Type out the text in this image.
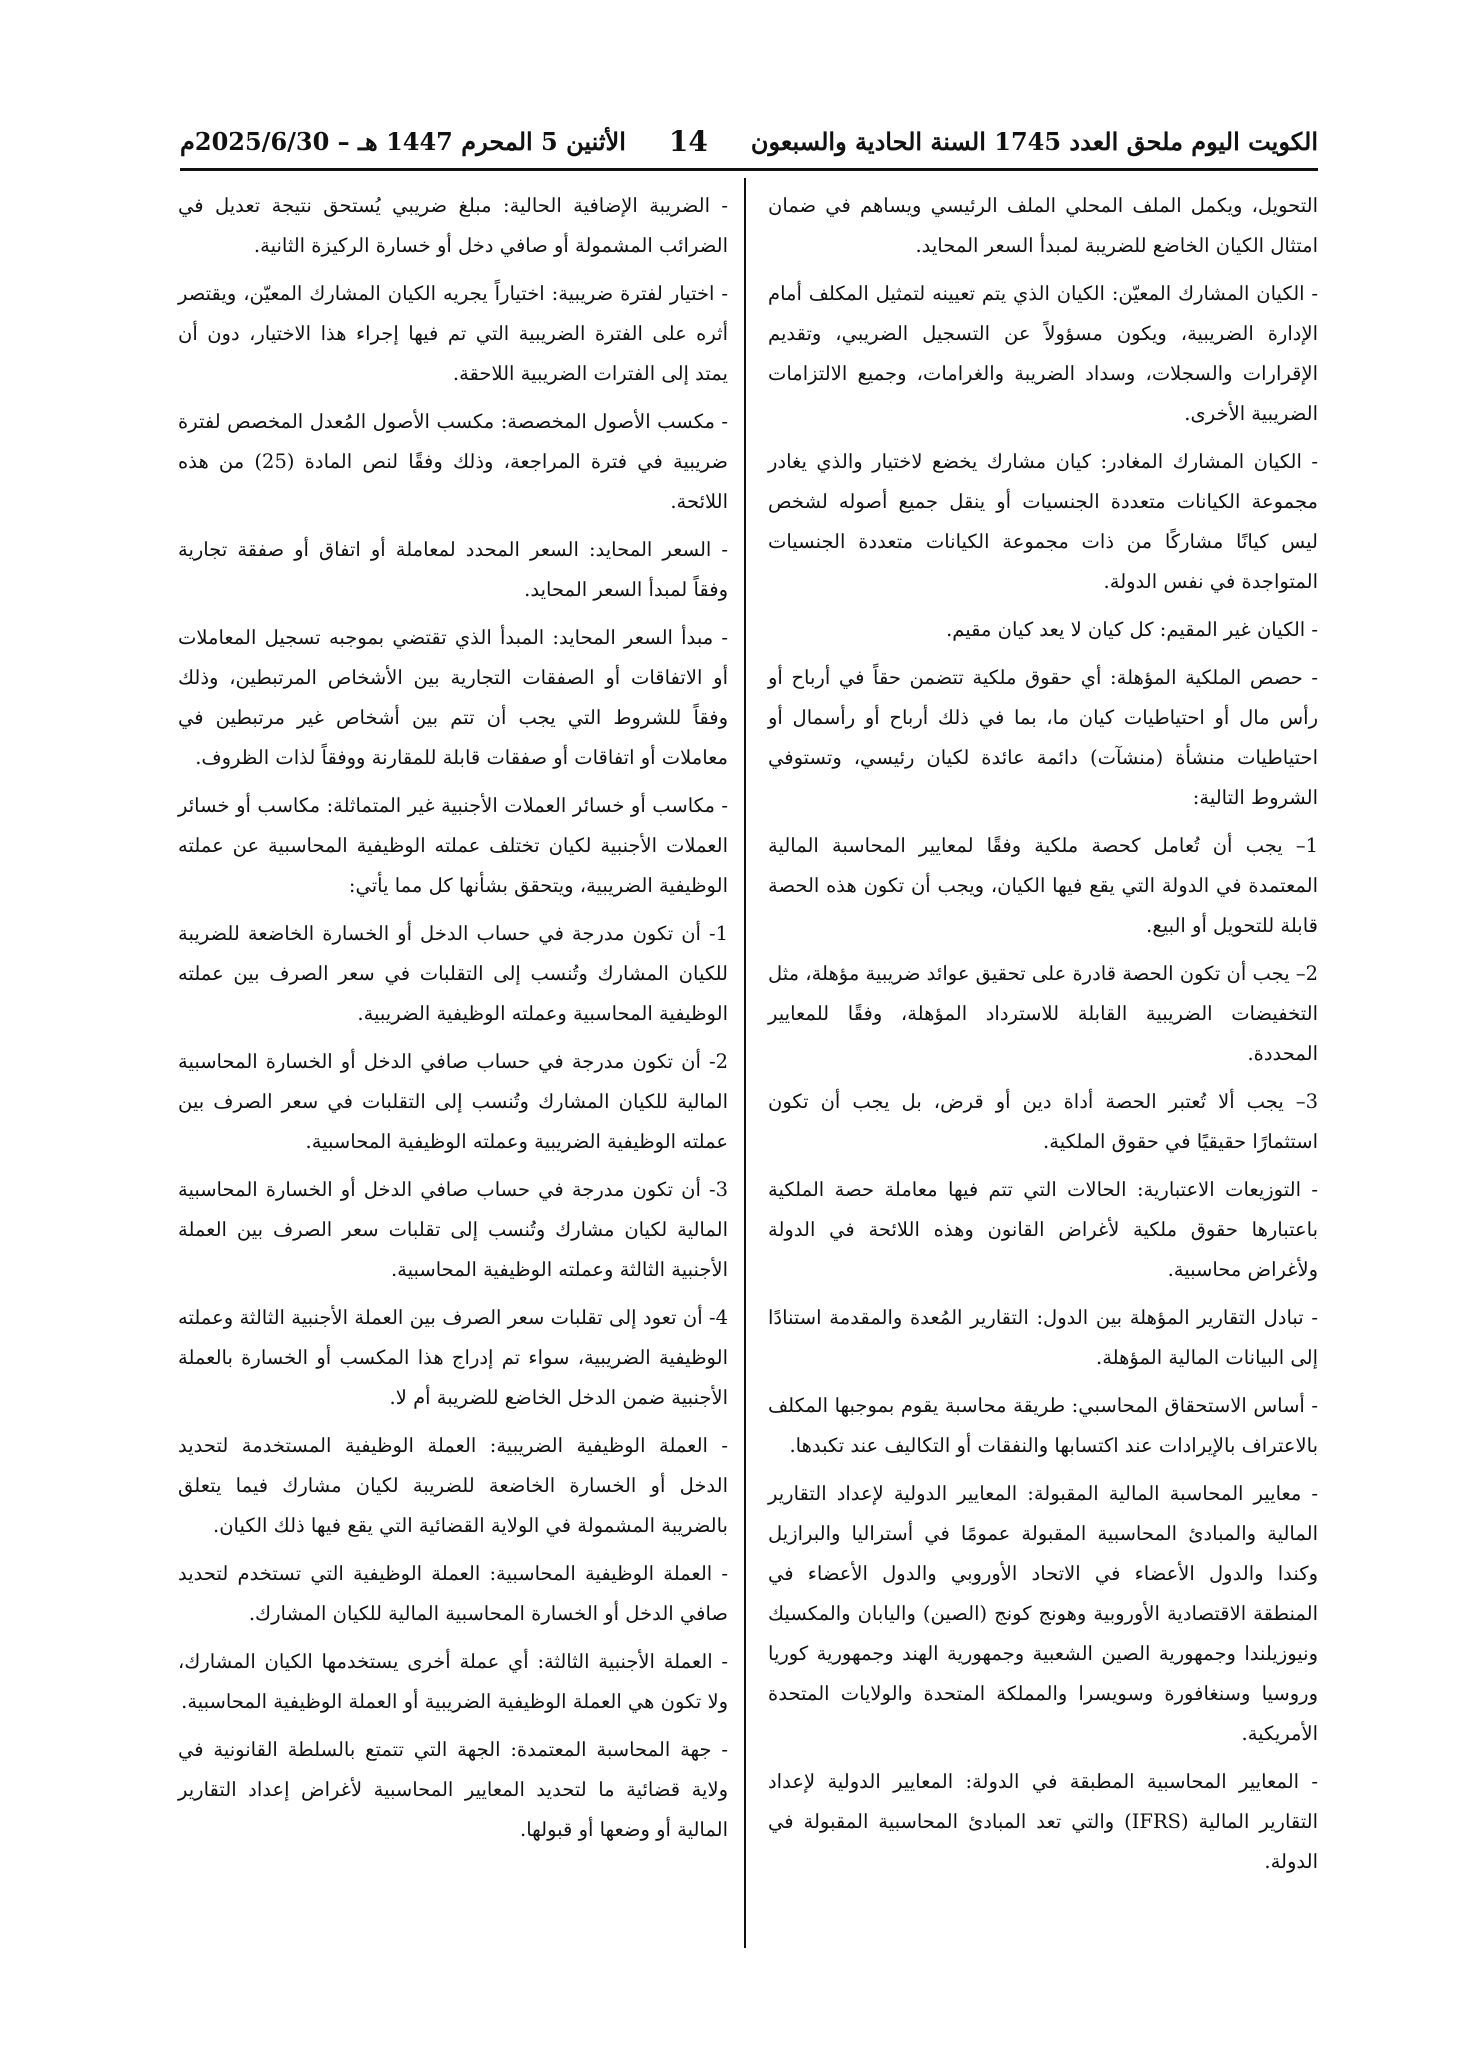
الكويت اليوم ملحق العدد 1745 السنة الحادية والسبعون
14
الأثنين 5 المحرم 1447 هـ – 2025/6/30م

التحويل، ويكمل الملف المحلي الملف الرئيسي ويساهم في ضمان امتثال الكيان الخاضع للضريبة لمبدأ السعر المحايد.

- الكيان المشارك المعيّن: الكيان الذي يتم تعيينه لتمثيل المكلف أمام الإدارة الضريبية، ويكون مسؤولاً عن التسجيل الضريبي، وتقديم الإقرارات والسجلات، وسداد الضريبة والغرامات، وجميع الالتزامات الضريبية الأخرى.

- الكيان المشارك المغادر: كيان مشارك يخضع لاختيار والذي يغادر مجموعة الكيانات متعددة الجنسيات أو ينقل جميع أصوله لشخص ليس كيانًا مشاركًا من ذات مجموعة الكيانات متعددة الجنسيات المتواجدة في نفس الدولة.

- الكيان غير المقيم: كل كيان لا يعد كيان مقيم.

- حصص الملكية المؤهلة: أي حقوق ملكية تتضمن حقاً في أرباح أو رأس مال أو احتياطيات كيان ما، بما في ذلك أرباح أو رأسمال أو احتياطيات منشأة (منشآت) دائمة عائدة لكيان رئيسي، وتستوفي الشروط التالية:

1– يجب أن تُعامل كحصة ملكية وفقًا لمعايير المحاسبة المالية المعتمدة في الدولة التي يقع فيها الكيان، ويجب أن تكون هذه الحصة قابلة للتحويل أو البيع.

2– يجب أن تكون الحصة قادرة على تحقيق عوائد ضريبية مؤهلة، مثل التخفيضات الضريبية القابلة للاسترداد المؤهلة، وفقًا للمعايير المحددة.

3– يجب ألا تُعتبر الحصة أداة دين أو قرض، بل يجب أن تكون استثمارًا حقيقيًا في حقوق الملكية.

- التوزيعات الاعتبارية: الحالات التي تتم فيها معاملة حصة الملكية باعتبارها حقوق ملكية لأغراض القانون وهذه اللائحة في الدولة ولأغراض محاسبية.

- تبادل التقارير المؤهلة بين الدول: التقارير المُعدة والمقدمة استنادًا إلى البيانات المالية المؤهلة.

- أساس الاستحقاق المحاسبي: طريقة محاسبة يقوم بموجبها المكلف بالاعتراف بالإيرادات عند اكتسابها والنفقات أو التكاليف عند تكبدها.

- معايير المحاسبة المالية المقبولة: المعايير الدولية لإعداد التقارير المالية والمبادئ المحاسبية المقبولة عمومًا في أستراليا والبرازيل وكندا والدول الأعضاء في الاتحاد الأوروبي والدول الأعضاء في المنطقة الاقتصادية الأوروبية وهونج كونج (الصين) واليابان والمكسيك ونيوزيلندا وجمهورية الصين الشعبية وجمهورية الهند وجمهورية كوريا وروسيا وسنغافورة وسويسرا والمملكة المتحدة والولايات المتحدة الأمريكية.

- المعايير المحاسبية المطبقة في الدولة: المعايير الدولية لإعداد التقارير المالية (IFRS) والتي تعد المبادئ المحاسبية المقبولة في الدولة.

- الضريبة الإضافية الحالية: مبلغ ضريبي يُستحق نتيجة تعديل في الضرائب المشمولة أو صافي دخل أو خسارة الركيزة الثانية.

- اختيار لفترة ضريبية: اختياراً يجريه الكيان المشارك المعيّن، ويقتصر أثره على الفترة الضريبية التي تم فيها إجراء هذا الاختيار، دون أن يمتد إلى الفترات الضريبية اللاحقة.

- مكسب الأصول المخصصة: مكسب الأصول المُعدل المخصص لفترة ضريبية في فترة المراجعة، وذلك وفقًا لنص المادة (25) من هذه اللائحة.

- السعر المحايد: السعر المحدد لمعاملة أو اتفاق أو صفقة تجارية وفقاً لمبدأ السعر المحايد.

- مبدأ السعر المحايد: المبدأ الذي تقتضي بموجبه تسجيل المعاملات أو الاتفاقات أو الصفقات التجارية بين الأشخاص المرتبطين، وذلك وفقاً للشروط التي يجب أن تتم بين أشخاص غير مرتبطين في معاملات أو اتفاقات أو صفقات قابلة للمقارنة ووفقاً لذات الظروف.

- مكاسب أو خسائر العملات الأجنبية غير المتماثلة: مكاسب أو خسائر العملات الأجنبية لكيان تختلف عملته الوظيفية المحاسبية عن عملته الوظيفية الضريبية، ويتحقق بشأنها كل مما يأتي:

1- أن تكون مدرجة في حساب الدخل أو الخسارة الخاضعة للضريبة للكيان المشارك وتُنسب إلى التقلبات في سعر الصرف بين عملته الوظيفية المحاسبية وعملته الوظيفية الضريبية.

2- أن تكون مدرجة في حساب صافي الدخل أو الخسارة المحاسبية المالية للكيان المشارك وتُنسب إلى التقلبات في سعر الصرف بين عملته الوظيفية الضريبية وعملته الوظيفية المحاسبية.

3- أن تكون مدرجة في حساب صافي الدخل أو الخسارة المحاسبية المالية لكيان مشارك وتُنسب إلى تقلبات سعر الصرف بين العملة الأجنبية الثالثة وعملته الوظيفية المحاسبية.

4- أن تعود إلى تقلبات سعر الصرف بين العملة الأجنبية الثالثة وعملته الوظيفية الضريبية، سواء تم إدراج هذا المكسب أو الخسارة بالعملة الأجنبية ضمن الدخل الخاضع للضريبة أم لا.

- العملة الوظيفية الضريبية: العملة الوظيفية المستخدمة لتحديد الدخل أو الخسارة الخاضعة للضريبة لكيان مشارك فيما يتعلق بالضريبة المشمولة في الولاية القضائية التي يقع فيها ذلك الكيان.

- العملة الوظيفية المحاسبية: العملة الوظيفية التي تستخدم لتحديد صافي الدخل أو الخسارة المحاسبية المالية للكيان المشارك.

- العملة الأجنبية الثالثة: أي عملة أخرى يستخدمها الكيان المشارك، ولا تكون هي العملة الوظيفية الضريبية أو العملة الوظيفية المحاسبية.

- جهة المحاسبة المعتمدة: الجهة التي تتمتع بالسلطة القانونية في ولاية قضائية ما لتحديد المعايير المحاسبية لأغراض إعداد التقارير المالية أو وضعها أو قبولها.
